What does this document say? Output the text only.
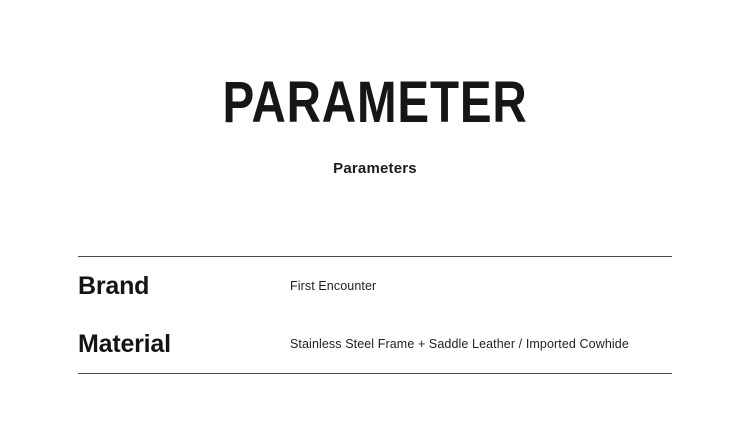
PARAMETER

Parameters

Brand	First Encounter
Material	Stainless Steel Frame + Saddle Leather / Imported Cowhide
